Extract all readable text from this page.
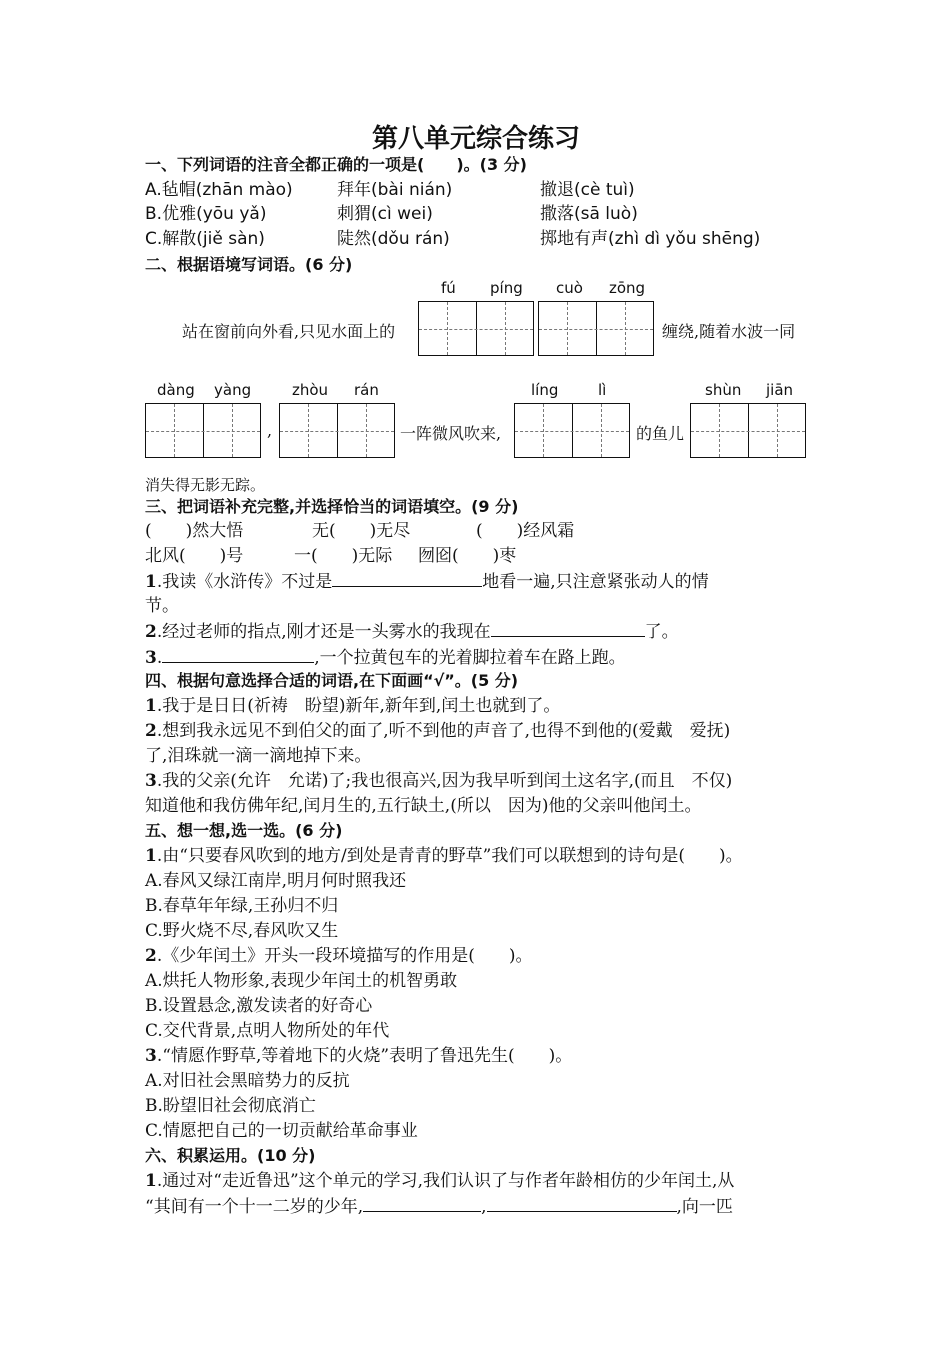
第八单元综合练习
一、下列词语的注音全都正确的一项是(　　)。(3 分)
A.毡帽(zhān mào)	拜年(bài nián)	撤退(cè tuì)
B.优雅(yōu yǎ)	刺猬(cì wei)	撒落(sā luò)
C.解散(jiě sàn)	陡然(dǒu rán)	掷地有声(zhì dì yǒu shēng)
二、根据语境写词语。(6 分)
fú píng cuò zōng
站在窗前向外看,只见水面上的	缠绕,随着水波一同
dàng yàng	zhòu rán	líng	lì	shùn jiān
,	一阵微风吹来,	的鱼儿
消失得无影无踪。
三、把词语补充完整,并选择恰当的词语填空。(9 分)
(　　)然大悟	无(　　)无尽	(　　)经风霜
北风(　　)号	一(　　)无际 囫囵(　　)枣
1.我读《水浒传》不过是	地看一遍,只注意紧张动人的情
节。
2.经过老师的指点,刚才还是一头雾水的我现在	了。
3.	,一个拉黄包车的光着脚拉着车在路上跑。
四、根据句意选择合适的词语,在下面画“√”。(5 分)
1.我于是日日(祈祷　盼望)新年,新年到,闰土也就到了。
2.想到我永远见不到伯父的面了,听不到他的声音了,也得不到他的(爱戴　爱抚)
了,泪珠就一滴一滴地掉下来。
3.我的父亲(允许　允诺)了;我也很高兴,因为我早听到闰土这名字,(而且　不仅)
知道他和我仿佛年纪,闰月生的,五行缺土,(所以　因为)他的父亲叫他闰土。
五、想一想,选一选。(6 分)
1.由“只要春风吹到的地方/到处是青青的野草”我们可以联想到的诗句是(　　)。
A.春风又绿江南岸,明月何时照我还
B.春草年年绿,王孙归不归
C.野火烧不尽,春风吹又生
2.《少年闰土》开头一段环境描写的作用是(　　)。
A.烘托人物形象,表现少年闰土的机智勇敢
B.设置悬念,激发读者的好奇心
C.交代背景,点明人物所处的年代
3.“情愿作野草,等着地下的火烧”表明了鲁迅先生(　　)。
A.对旧社会黑暗势力的反抗
B.盼望旧社会彻底消亡
C.情愿把自己的一切贡献给革命事业
六、积累运用。(10 分)
1.通过对“走近鲁迅”这个单元的学习,我们认识了与作者年龄相仿的少年闰土,从
“其间有一个十一二岁的少年,	,	,向一匹
